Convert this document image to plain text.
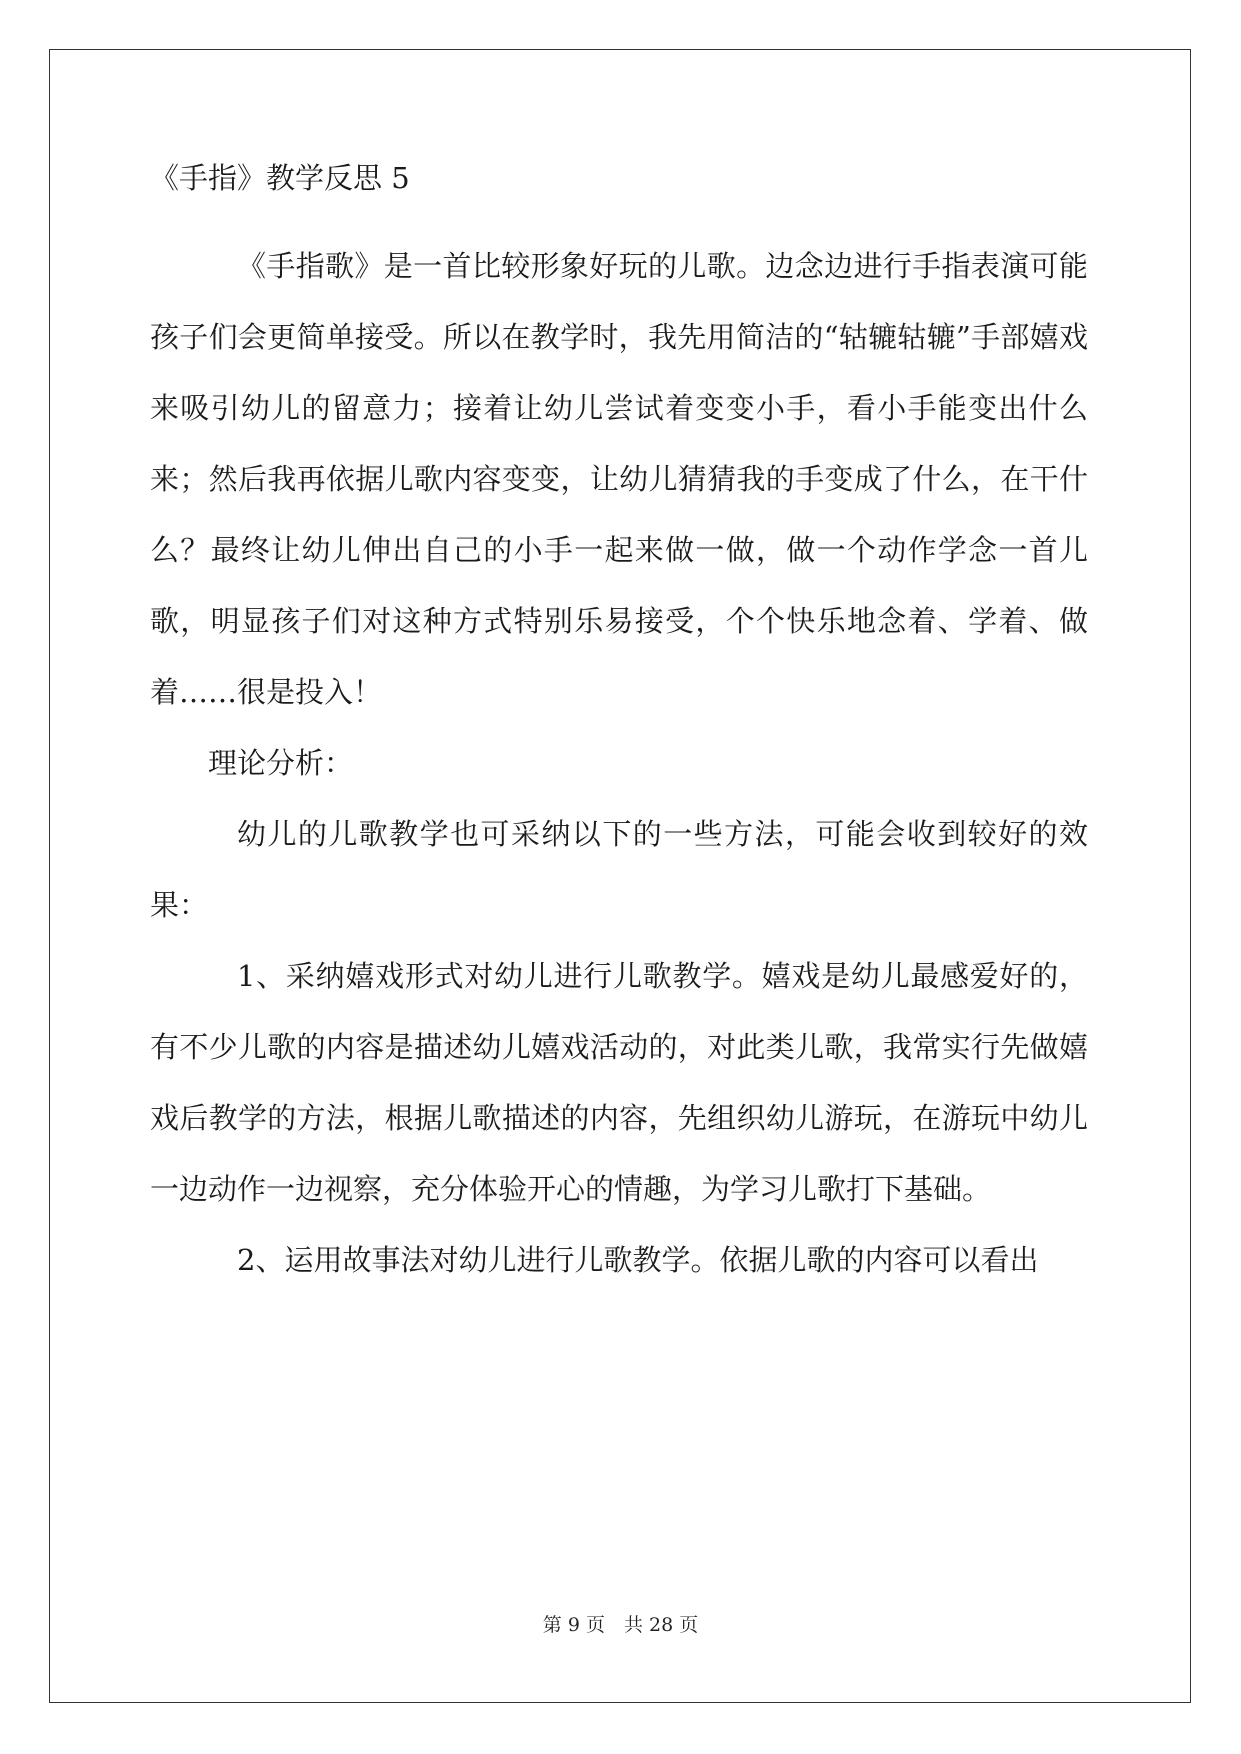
《手指》教学反思 5

《手指歌》是一首比较形象好玩的儿歌。边念边进行手指表演可能孩子们会更简单接受。所以在教学时，我先用简洁的“轱辘轱辘”手部嬉戏来吸引幼儿的留意力；接着让幼儿尝试着变变小手，看小手能变出什么来；然后我再依据儿歌内容变变，让幼儿猜猜我的手变成了什么，在干什么？最终让幼儿伸出自己的小手一起来做一做，做一个动作学念一首儿歌，明显孩子们对这种方式特别乐易接受，个个快乐地念着、学着、做着……很是投入！

理论分析：

幼儿的儿歌教学也可采纳以下的一些方法，可能会收到较好的效果：

1、采纳嬉戏形式对幼儿进行儿歌教学。嬉戏是幼儿最感爱好的，有不少儿歌的内容是描述幼儿嬉戏活动的，对此类儿歌，我常实行先做嬉戏后教学的方法，根据儿歌描述的内容，先组织幼儿游玩，在游玩中幼儿一边动作一边视察，充分体验开心的情趣，为学习儿歌打下基础。

2、运用故事法对幼儿进行儿歌教学。依据儿歌的内容可以看出

第 9 页　共 28 页
